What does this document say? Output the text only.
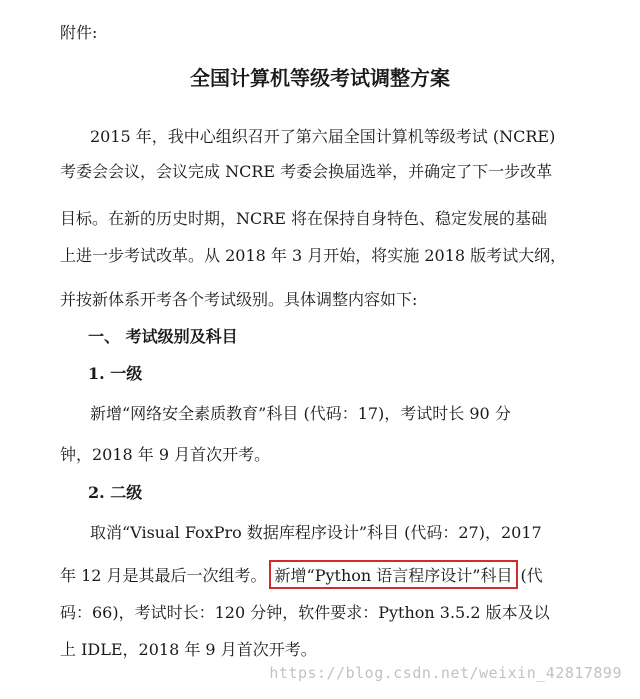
附件:
全国计算机等级考试调整方案
2015 年，我中心组织召开了第六届全国计算机等级考试 (NCRE)
考委会会议，会议完成 NCRE 考委会换届选举，并确定了下一步改革
目标。在新的历史时期，NCRE 将在保持自身特色、稳定发展的基础
上进一步考试改革。从 2018 年 3 月开始，将实施 2018 版考试大纲，
并按新体系开考各个考试级别。具体调整内容如下:
一、 考试级别及科目
1. 一级
新增“网络安全素质教育”科目 (代码：17)，考试时长 90 分
钟，2018 年 9 月首次开考。
2. 二级
取消“Visual FoxPro 数据库程序设计”科目 (代码：27)，2017
年 12 月是其最后一次组考。 新增“Python 语言程序设计”科目 (代
码：66)，考试时长：120 分钟，软件要求：Python 3.5.2 版本及以
上 IDLE，2018 年 9 月首次开考。
https://blog.csdn.net/weixin_42817899
